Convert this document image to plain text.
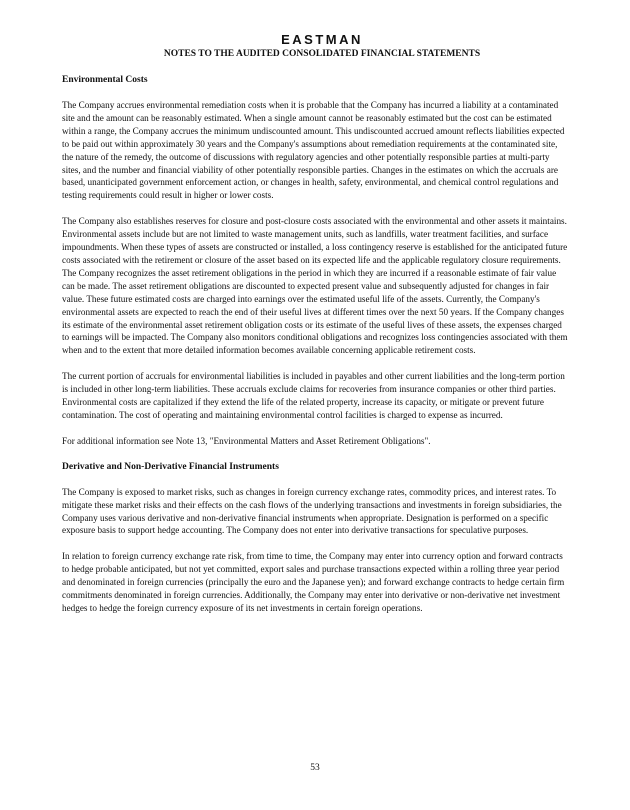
EASTMAN
NOTES TO THE AUDITED CONSOLIDATED FINANCIAL STATEMENTS
Environmental Costs

The Company accrues environmental remediation costs when it is probable that the Company has incurred a liability at a contaminated site and the amount can be reasonably estimated. When a single amount cannot be reasonably estimated but the cost can be estimated within a range, the Company accrues the minimum undiscounted amount. This undiscounted accrued amount reflects liabilities expected to be paid out within approximately 30 years and the Company's assumptions about remediation requirements at the contaminated site, the nature of the remedy, the outcome of discussions with regulatory agencies and other potentially responsible parties at multi-party sites, and the number and financial viability of other potentially responsible parties. Changes in the estimates on which the accruals are based, unanticipated government enforcement action, or changes in health, safety, environmental, and chemical control regulations and testing requirements could result in higher or lower costs.

The Company also establishes reserves for closure and post-closure costs associated with the environmental and other assets it maintains. Environmental assets include but are not limited to waste management units, such as landfills, water treatment facilities, and surface impoundments. When these types of assets are constructed or installed, a loss contingency reserve is established for the anticipated future costs associated with the retirement or closure of the asset based on its expected life and the applicable regulatory closure requirements. The Company recognizes the asset retirement obligations in the period in which they are incurred if a reasonable estimate of fair value can be made. The asset retirement obligations are discounted to expected present value and subsequently adjusted for changes in fair value. These future estimated costs are charged into earnings over the estimated useful life of the assets. Currently, the Company's environmental assets are expected to reach the end of their useful lives at different times over the next 50 years. If the Company changes its estimate of the environmental asset retirement obligation costs or its estimate of the useful lives of these assets, the expenses charged to earnings will be impacted. The Company also monitors conditional obligations and recognizes loss contingencies associated with them when and to the extent that more detailed information becomes available concerning applicable retirement costs.

The current portion of accruals for environmental liabilities is included in payables and other current liabilities and the long-term portion is included in other long-term liabilities. These accruals exclude claims for recoveries from insurance companies or other third parties. Environmental costs are capitalized if they extend the life of the related property, increase its capacity, or mitigate or prevent future contamination. The cost of operating and maintaining environmental control facilities is charged to expense as incurred.

For additional information see Note 13, "Environmental Matters and Asset Retirement Obligations".

Derivative and Non-Derivative Financial Instruments

The Company is exposed to market risks, such as changes in foreign currency exchange rates, commodity prices, and interest rates. To mitigate these market risks and their effects on the cash flows of the underlying transactions and investments in foreign subsidiaries, the Company uses various derivative and non-derivative financial instruments when appropriate. Designation is performed on a specific exposure basis to support hedge accounting. The Company does not enter into derivative transactions for speculative purposes.

In relation to foreign currency exchange rate risk, from time to time, the Company may enter into currency option and forward contracts to hedge probable anticipated, but not yet committed, export sales and purchase transactions expected within a rolling three year period and denominated in foreign currencies (principally the euro and the Japanese yen); and forward exchange contracts to hedge certain firm commitments denominated in foreign currencies. Additionally, the Company may enter into derivative or non-derivative net investment hedges to hedge the foreign currency exposure of its net investments in certain foreign operations.

53
